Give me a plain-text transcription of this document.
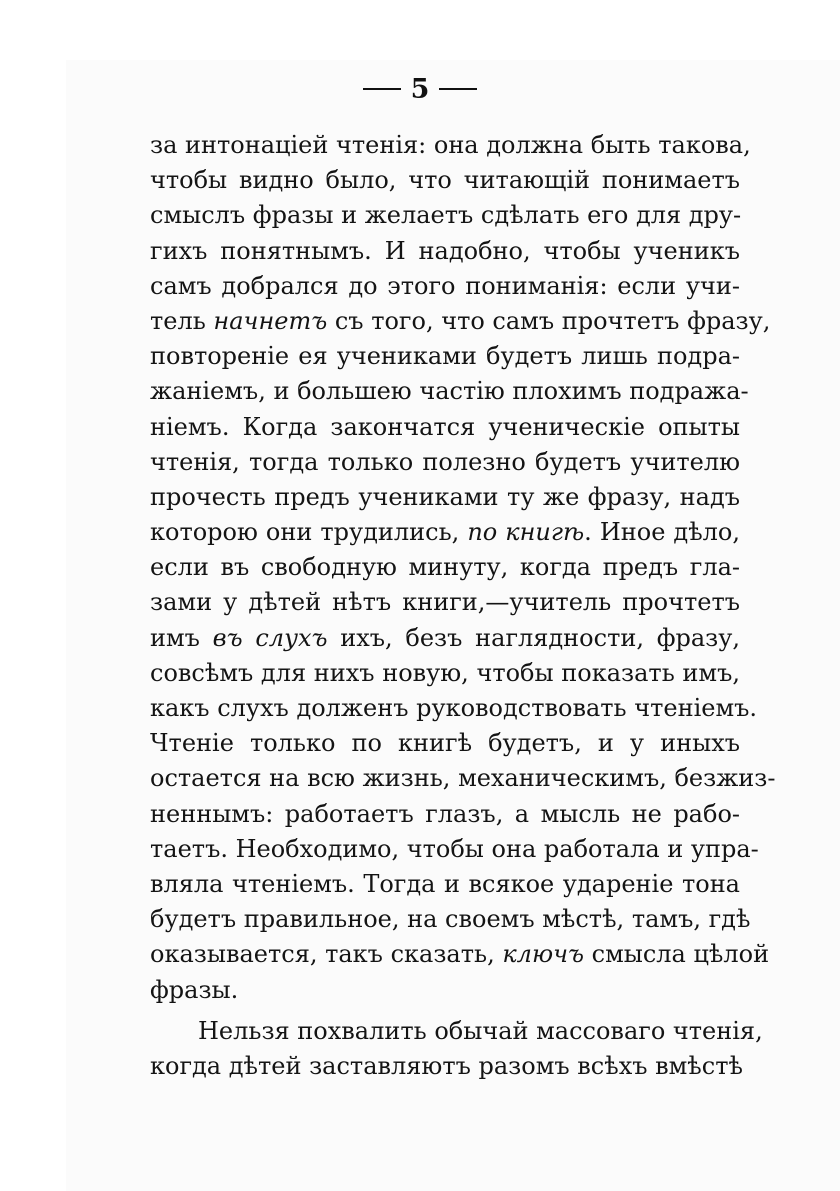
5
за интонаціей чтенія: она должна быть такова,
чтобы видно было, что читающій понимаетъ
смыслъ фразы и желаетъ сдѣлать его для дру-
гихъ понятнымъ. И надобно, чтобы ученикъ
самъ добрался до этого пониманія: если учи-
тель начнетъ съ того, что самъ прочтетъ фразу,
повтореніе ея учениками будетъ лишь подра-
жаніемъ, и большею частію плохимъ подража-
ніемъ. Когда закончатся ученическіе опыты
чтенія, тогда только полезно будетъ учителю
прочесть предъ учениками ту же фразу, надъ
которою они трудились, по книгѣ. Иное дѣло,
если въ свободную минуту, когда предъ гла-
зами у дѣтей нѣтъ книги,—учитель прочтетъ
имъ въ слухъ ихъ, безъ наглядности, фразу,
совсѣмъ для нихъ новую, чтобы показать имъ,
какъ слухъ долженъ руководствовать чтеніемъ.
Чтеніе только по книгѣ будетъ, и у иныхъ
остается на всю жизнь, механическимъ, безжиз-
неннымъ: работаетъ глазъ, а мысль не рабо-
таетъ. Необходимо, чтобы она работала и упра-
вляла чтеніемъ. Тогда и всякое удареніе тона
будетъ правильное, на своемъ мѣстѣ, тамъ, гдѣ
оказывается, такъ сказать, ключъ смысла цѣлой
фразы.
Нельзя похвалить обычай массоваго чтенія,
когда дѣтей заставляютъ разомъ всѣхъ вмѣстѣ
